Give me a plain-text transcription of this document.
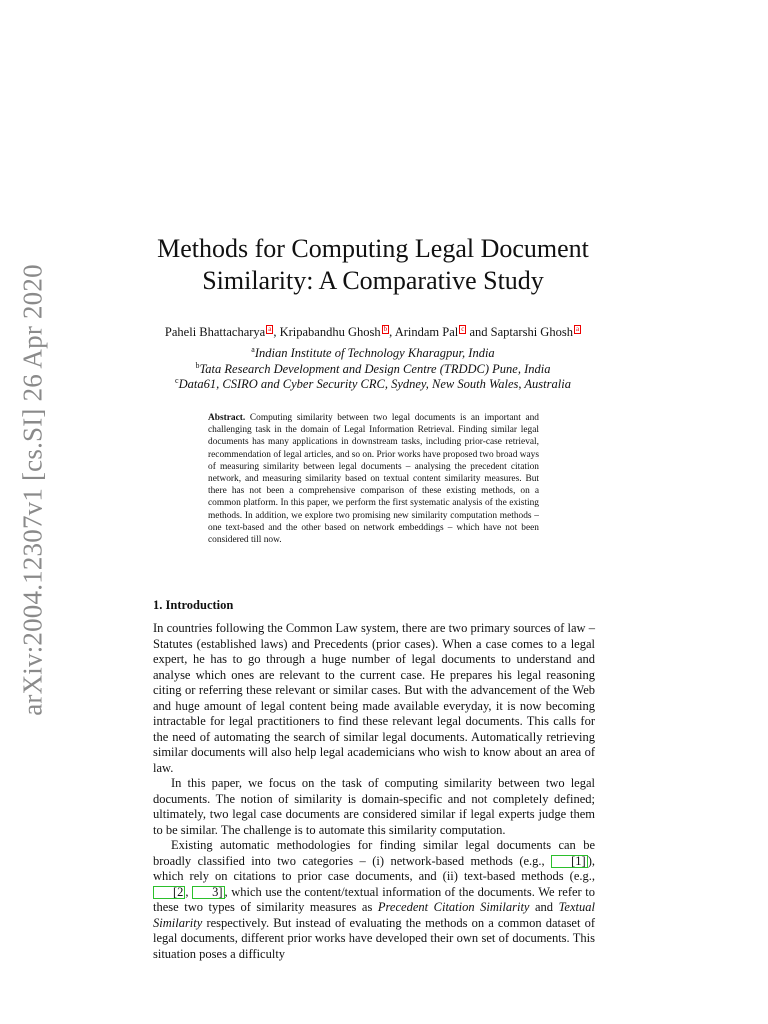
arXiv:2004.12307v1 [cs.SI] 26 Apr 2020
Methods for Computing Legal Document
Similarity: A Comparative Study
Paheli Bhattacharya a , Kripabandhu Ghosh b , Arindam Pal c and Saptarshi Ghosh a
$^a$Indian Institute of Technology Kharagpur, India
$^b$Tata Research Development and Design Centre (TRDDC) Pune, India
$^c$Data61, CSIRO and Cyber Security CRC, Sydney, New South Wales, Australia
Abstract. Computing similarity between two legal documents is an important and challenging task in the domain of Legal Information Retrieval. Finding similar legal documents has many applications in downstream tasks, including prior-case retrieval, recommendation of legal articles, and so on. Prior works have proposed two broad ways of measuring similarity between legal documents – analysing the precedent citation network, and measuring similarity based on textual content similarity measures. But there has not been a comprehensive comparison of these existing methods, on a common platform. In this paper, we perform the first systematic analysis of the existing methods. In addition, we explore two promising new similarity computation methods – one text-based and the other based on network embeddings – which have not been considered till now.
1. Introduction

In countries following the Common Law system, there are two primary sources of law – Statutes (established laws) and Precedents (prior cases). When a case comes to a legal expert, he has to go through a huge number of legal documents to understand and analyse which ones are relevant to the current case. He prepares his legal reasoning citing or referring these relevant or similar cases. But with the advancement of the Web and huge amount of legal content being made available everyday, it is now becoming intractable for legal practitioners to find these relevant legal documents. This calls for the need of automating the search of similar legal documents. Automatically retrieving similar documents will also help legal academicians who wish to know about an area of law.

In this paper, we focus on the task of computing similarity between two legal documents. The notion of similarity is domain-specific and not completely defined; ultimately, two legal case documents are considered similar if legal experts judge them to be similar. The challenge is to automate this similarity computation.

Existing automatic methodologies for finding similar legal documents can be broadly classified into two categories – (i) network-based methods (e.g., [1] ), which rely on citations to prior case documents, and (ii) text-based methods (e.g., [2 , 3] , which use the content/textual information of the documents. We refer to these two types of similarity measures as Precedent Citation Similarity and Textual Similarity respectively. But instead of evaluating the methods on a common dataset of legal documents, different prior works have developed their own set of documents. This situation poses a difficulty
